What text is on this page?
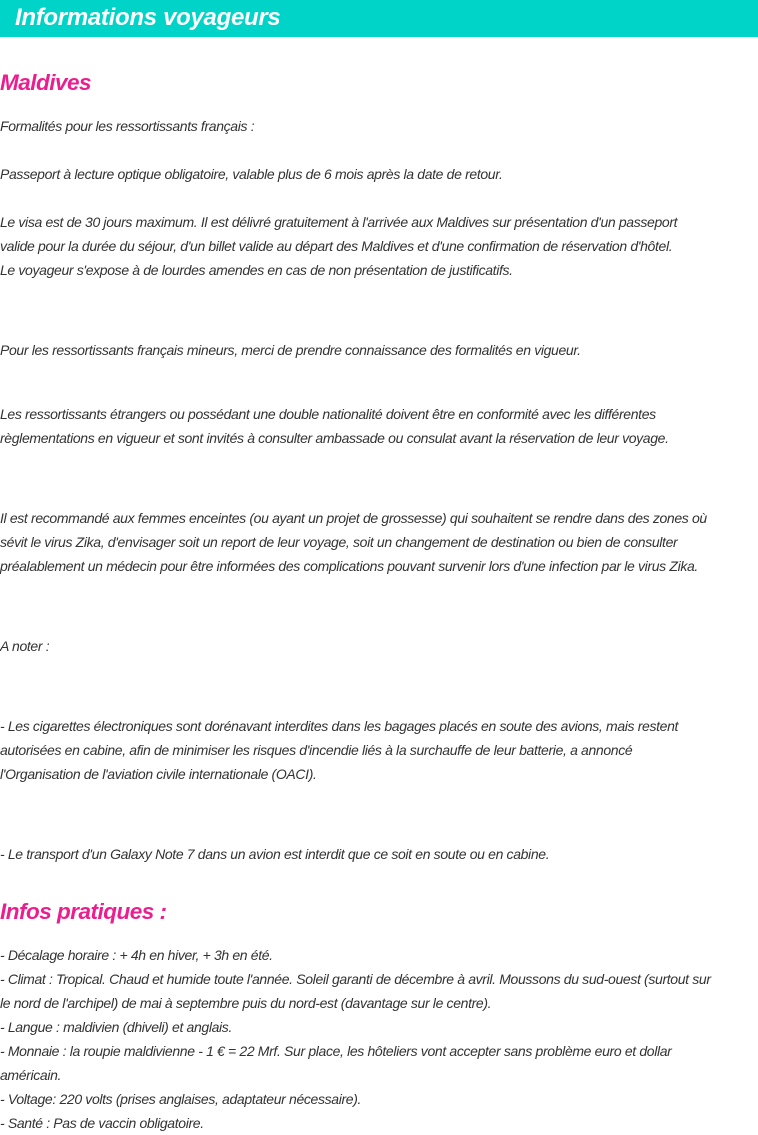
Informations voyageurs
Maldives

Formalités pour les ressortissants français :

Passeport à lecture optique obligatoire, valable plus de 6 mois après la date de retour.

Le visa est de 30 jours maximum. Il est délivré gratuitement à l'arrivée aux Maldives sur présentation d'un passeport
valide pour la durée du séjour, d'un billet valide au départ des Maldives et d'une confirmation de réservation d'hôtel.
Le voyageur s'expose à de lourdes amendes en cas de non présentation de justificatifs.

Pour les ressortissants français mineurs, merci de prendre connaissance des formalités en vigueur.

Les ressortissants étrangers ou possédant une double nationalité doivent être en conformité avec les différentes
règlementations en vigueur et sont invités à consulter ambassade ou consulat avant la réservation de leur voyage.

Il est recommandé aux femmes enceintes (ou ayant un projet de grossesse) qui souhaitent se rendre dans des zones où
sévit le virus Zika, d'envisager soit un report de leur voyage, soit un changement de destination ou bien de consulter
préalablement un médecin pour être informées des complications pouvant survenir lors d'une infection par le virus Zika.

A noter :

- Les cigarettes électroniques sont dorénavant interdites dans les bagages placés en soute des avions, mais restent
autorisées en cabine, afin de minimiser les risques d'incendie liés à la surchauffe de leur batterie, a annoncé
l'Organisation de l'aviation civile internationale (OACI).

- Le transport d'un Galaxy Note 7 dans un avion est interdit que ce soit en soute ou en cabine.

Infos pratiques :

- Décalage horaire : + 4h en hiver, + 3h en été.
- Climat : Tropical. Chaud et humide toute l'année. Soleil garanti de décembre à avril. Moussons du sud-ouest (surtout sur
le nord de l'archipel) de mai à septembre puis du nord-est (davantage sur le centre).
- Langue : maldivien (dhiveli) et anglais.
- Monnaie : la roupie maldivienne - 1 € = 22 Mrf. Sur place, les hôteliers vont accepter sans problème euro et dollar
américain.
- Voltage: 220 volts (prises anglaises, adaptateur nécessaire).
- Santé : Pas de vaccin obligatoire.
